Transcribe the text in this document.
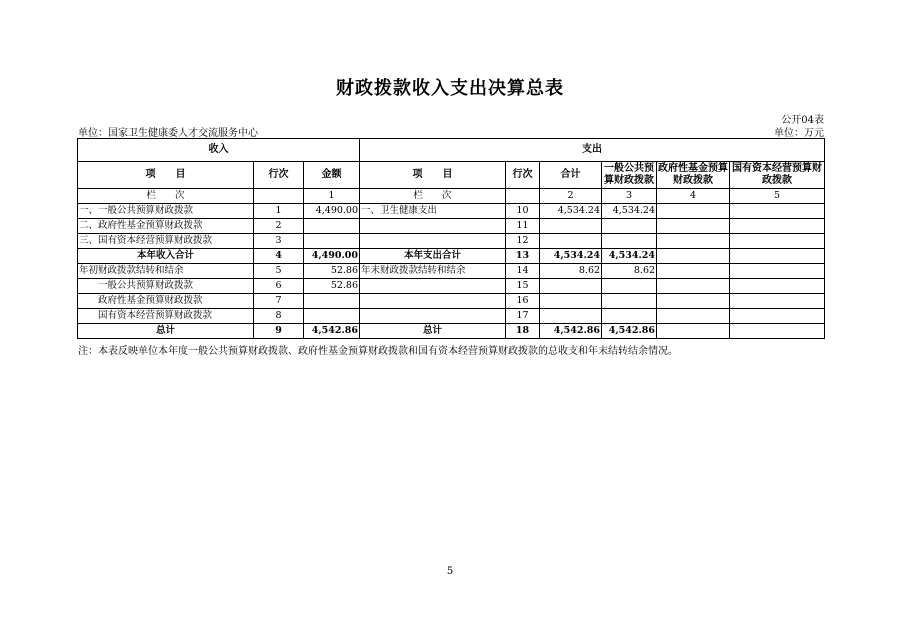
财政拨款收入支出决算总表
公开04表
单位：国家卫生健康委人才交流服务中心	单位：万元
收入			支出					
项　　目	行次	金额	项　　目	行次	合计	一般公共预算财政拨款	政府性基金预算财政拨款	国有资本经营预算财政拨款
栏　　次		1	栏　　次		2	3	4	5
一、一般公共预算财政拨款	1	4,490.00	一、卫生健康支出	10	4,534.24	4,534.24		
二、政府性基金预算财政拨款	2			11				
三、国有资本经营预算财政拨款	3			12				
本年收入合计	4	4,490.00	本年支出合计	13	4,534.24	4,534.24		
年初财政拨款结转和结余	5	52.86	年末财政拨款结转和结余	14	8.62	8.62		
一般公共预算财政拨款	6	52.86		15				
政府性基金预算财政拨款	7			16				
国有资本经营预算财政拨款	8			17				
总计	9	4,542.86	总计	18	4,542.86	4,542.86		
注：本表反映单位本年度一般公共预算财政拨款、政府性基金预算财政拨款和国有资本经营预算财政拨款的总收支和年末结转结余情况。
5
